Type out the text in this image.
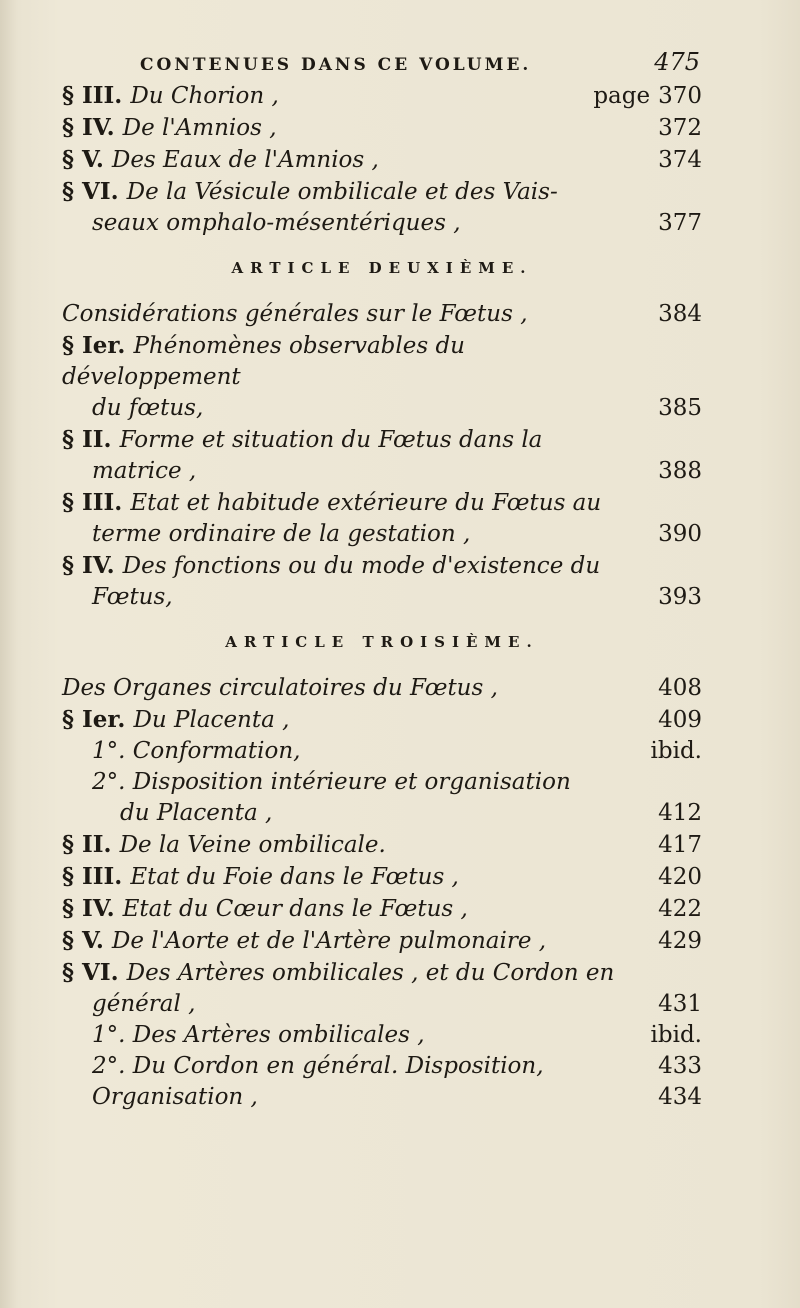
CONTENUES DANS CE VOLUME.	475
§ III. Du Chorion ,	page 370
§ IV. De l'Amnios ,	372
§ V. Des Eaux de l'Amnios ,	374
§ VI. De la Vésicule ombilicale et des Vais-
seaux omphalo-mésentériques ,	377
ARTICLE DEUXIÈME.
Considérations générales sur le Fœtus ,	384
§ Ier. Phénomènes observables du développement
du fœtus,	385
§ II. Forme et situation du Fœtus dans la
matrice ,	388
§ III. Etat et habitude extérieure du Fœtus au
terme ordinaire de la gestation ,	390
§ IV. Des fonctions ou du mode d'existence du
Fœtus,	393
ARTICLE TROISIÈME.
Des Organes circulatoires du Fœtus ,	408
§ Ier. Du Placenta ,	409
1°. Conformation,	ibid.
2°. Disposition intérieure et organisation
du Placenta ,	412
§ II. De la Veine ombilicale.	417
§ III. Etat du Foie dans le Fœtus ,	420
§ IV. Etat du Cœur dans le Fœtus ,	422
§ V. De l'Aorte et de l'Artère pulmonaire ,	429
§ VI. Des Artères ombilicales , et du Cordon en
général ,	431
1°. Des Artères ombilicales ,	ibid.
2°. Du Cordon en général. Disposition,	433
Organisation ,	434
